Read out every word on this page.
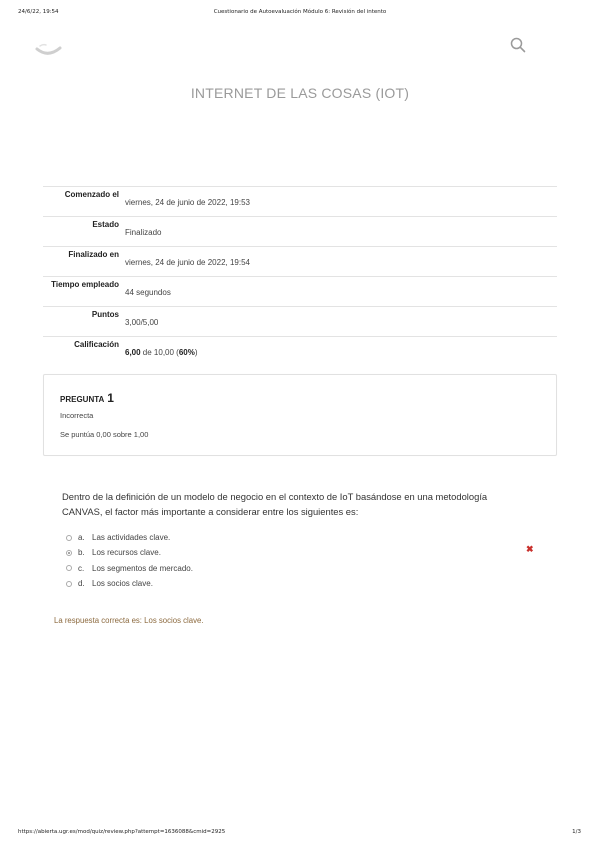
24/6/22, 19:54	Cuestionario de Autoevaluación Módulo 6: Revisión del intento
INTERNET DE LAS COSAS (IOT)
Comenzado el	viernes, 24 de junio de 2022, 19:53
Estado	Finalizado
Finalizado en	viernes, 24 de junio de 2022, 19:54
Tiempo empleado	44 segundos
Puntos	3,00/5,00
Calificación	6,00 de 10,00 (60%)
PREGUNTA 1
Incorrecta
Se puntúa 0,00 sobre 1,00
Dentro de la definición de un modelo de negocio en el contexto de IoT basándose en una metodología CANVAS, el factor más importante a considerar entre los siguientes es:
a. Las actividades clave.
b. Los recursos clave.
c. Los segmentos de mercado.
d. Los socios clave.
✖
La respuesta correcta es: Los socios clave.
https://abierta.ugr.es/mod/quiz/review.php?attempt=1636088&cmid=2925	1/3
